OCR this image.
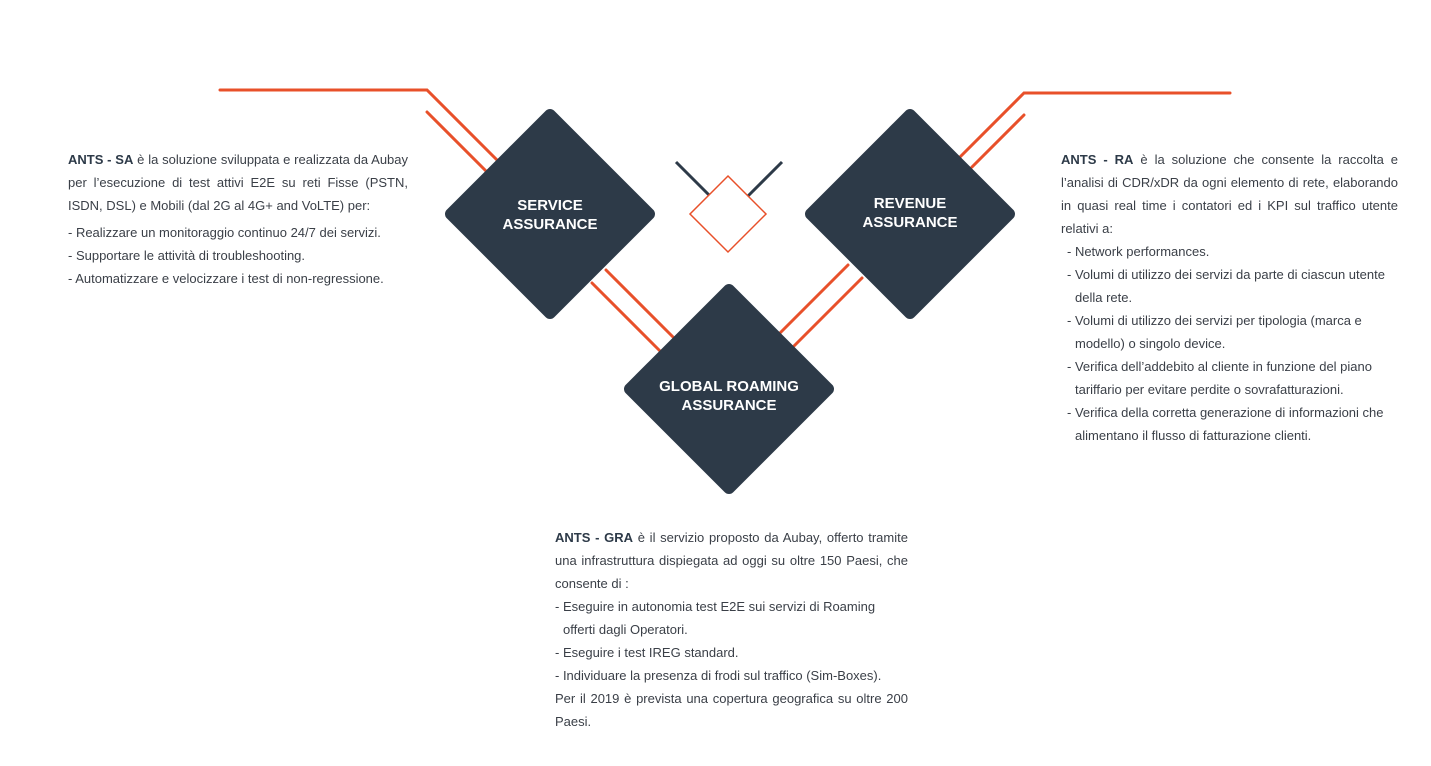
SERVICE
ASSURANCE
REVENUE
ASSURANCE
GLOBAL ROAMING
ASSURANCE

ANTS - SA è la soluzione sviluppata e realizzata da Aubay per l’esecuzione di test attivi E2E su reti Fisse (PSTN, ISDN, DSL) e Mobili (dal 2G al 4G+ and VoLTE) per:

- Realizzare un monitoraggio continuo 24/7 dei servizi.

- Supportare le attività di troubleshooting.

- Automatizzare e velocizzare i test di non-regressione.

ANTS - RA è la soluzione che consente la raccolta e l’analisi di CDR/xDR da ogni elemento di rete, elaborando in quasi real time i contatori ed i KPI sul traffico utente relativi a:

- Network performances.

- Volumi di utilizzo dei servizi da parte di ciascun utente della rete.

- Volumi di utilizzo dei servizi per tipologia (marca e modello) o singolo device.

- Verifica dell’addebito al cliente in funzione del piano tariffario per evitare perdite o sovrafatturazioni.

- Verifica della corretta generazione di informazioni che alimentano il flusso di fatturazione clienti.

ANTS - GRA è il servizio proposto da Aubay, offerto tramite una infrastruttura dispiegata ad oggi su oltre 150 Paesi, che consente di :

- Eseguire in autonomia test E2E sui servizi di Roaming offerti dagli Operatori.

- Eseguire i test IREG standard.

- Individuare la presenza di frodi sul traffico (Sim-Boxes).

Per il 2019 è prevista una copertura geografica su oltre 200 Paesi.
